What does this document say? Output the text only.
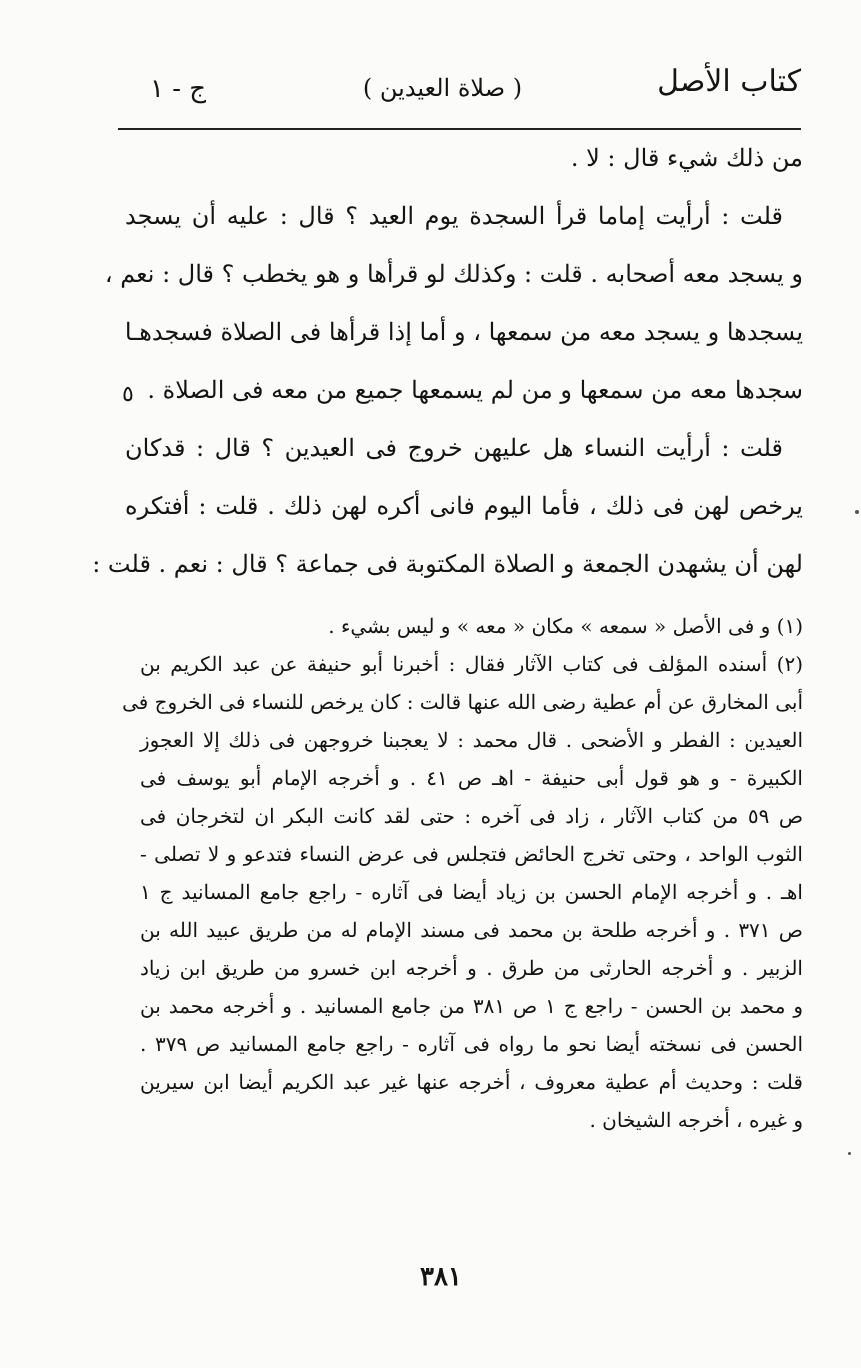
كتاب الأصل
( صلاة العيدين )
ج - ١
من ذلك شيء قال : لا .
قلت : أرأيت إماما قرأ السجدة يوم العيد ؟ قال : عليه أن يسجد
و يسجد معه أصحابه . قلت : وكذلك لو قرأها و هو يخطب ؟ قال : نعم ،
يسجدها و يسجد معه من سمعها ، و أما إذا قرأها فى الصلاة فسجدهـا
سجدها معه من سمعها و من لم يسمعها جميع من معه فى الصلاة .
قلت : أرأيت النساء هل عليهن خروج فى العيدين ؟ قال : قدكان
يرخص لهن فى ذلك ، فأما اليوم فانى أكره لهن ذلك . قلت : أفتكره
لهن أن يشهدن الجمعة و الصلاة المكتوبة فى جماعة ؟ قال : نعم . قلت :
٥
(١) و فى الأصل « سمعه » مكان « معه » و ليس بشيء .
(٢) أسنده المؤلف فى كتاب الآثار فقال : أخبرنا أبو حنيفة عن عبد الكريم بن
أبى المخارق عن أم عطية رضى الله عنها قالت : كان يرخص للنساء فى الخروج فى
العيدين : الفطر و الأضحى . قال محمد : لا يعجبنا خروجهن فى ذلك إلا العجوز
الكبيرة - و هو قول أبى حنيفة - اهـ ص ٤١ . و أخرجه الإمام أبو يوسف فى
ص ٥٩ من كتاب الآثار ، زاد فى آخره : حتى لقد كانت البكر ان لتخرجان فى
الثوب الواحد ، وحتى تخرج الحائض فتجلس فى عرض النساء فتدعو و لا تصلى -
اهـ . و أخرجه الإمام الحسن بن زياد أيضا فى آثاره - راجع جامع المسانيد ج ١
ص ٣٧١ . و أخرجه طلحة بن محمد فى مسند الإمام له من طريق عبيد الله بن
الزبير . و أخرجه الحارثى من طرق . و أخرجه ابن خسرو من طريق ابن زياد
و محمد بن الحسن - راجع ج ١ ص ٣٨١ من جامع المسانيد . و أخرجه محمد بن
الحسن فى نسخته أيضا نحو ما رواه فى آثاره - راجع جامع المسانيد ص ٣٧٩ .
قلت : وحديث أم عطية معروف ، أخرجه عنها غير عبد الكريم أيضا ابن سيرين
و غيره ، أخرجه الشيخان .
٣٨١
